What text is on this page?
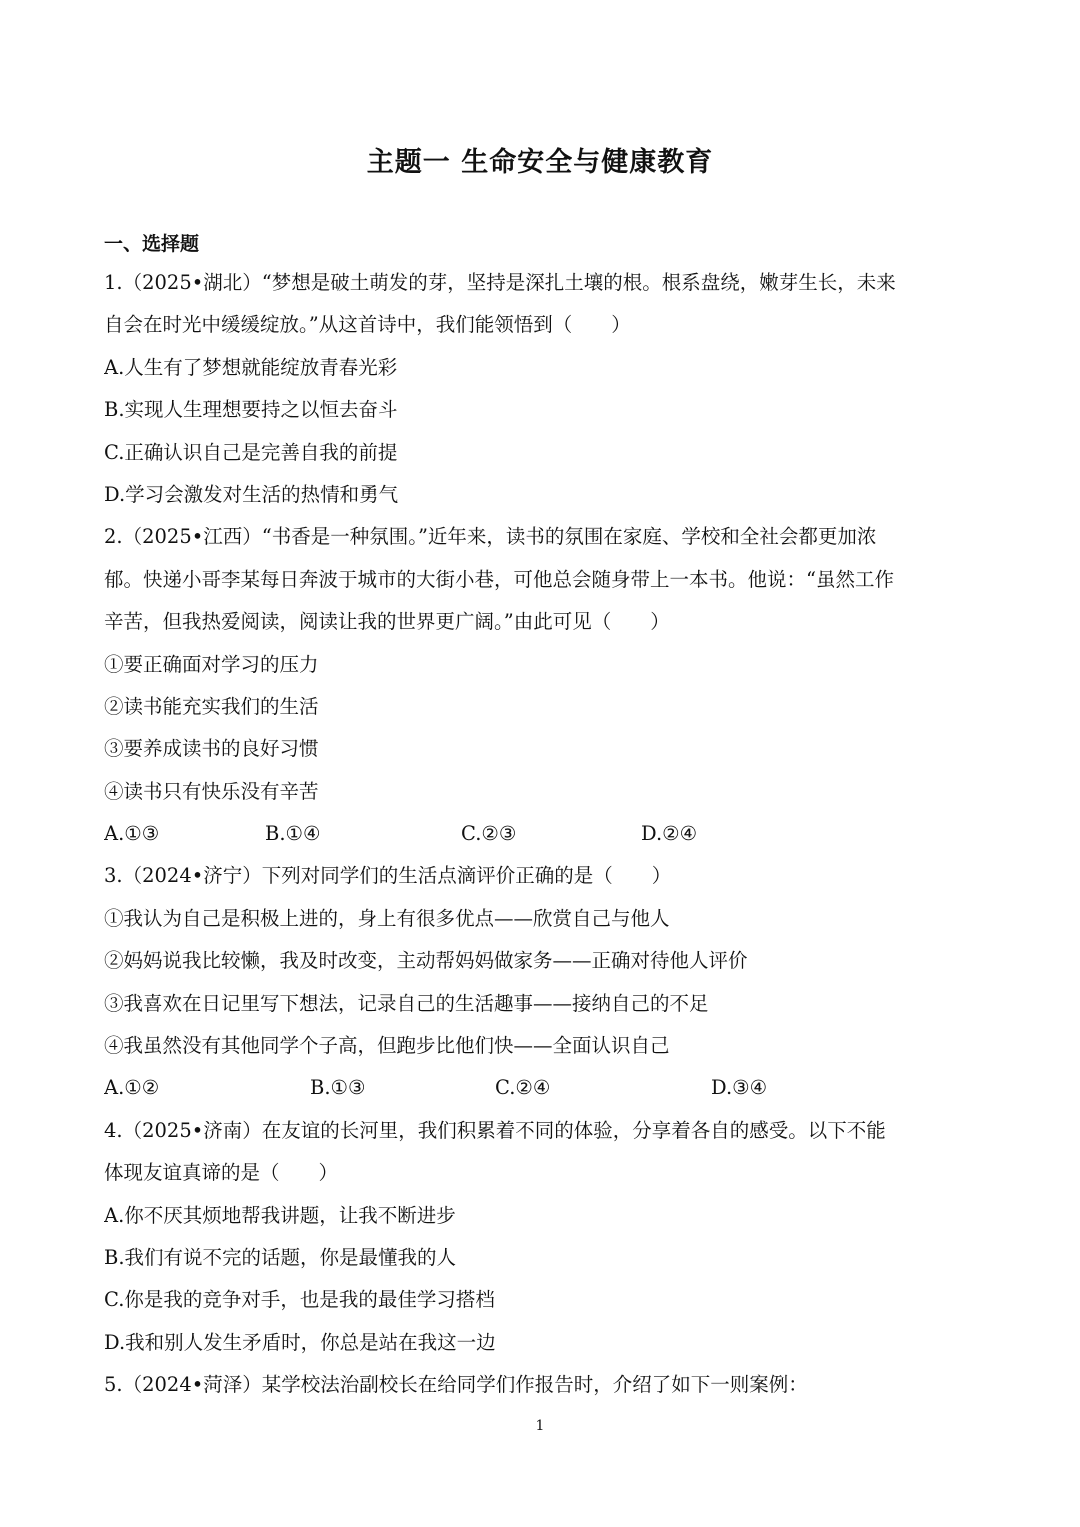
主题一 生命安全与健康教育
一、选择题
1.（2025•湖北）“梦想是破土萌发的芽，坚持是深扎土壤的根。根系盘绕，嫩芽生长，未来
自会在时光中缓缓绽放。”从这首诗中，我们能领悟到（　　）
A.人生有了梦想就能绽放青春光彩
B.实现人生理想要持之以恒去奋斗
C.正确认识自己是完善自我的前提
D.学习会激发对生活的热情和勇气
2.（2025•江西）“书香是一种氛围。”近年来，读书的氛围在家庭、学校和全社会都更加浓
郁。快递小哥李某每日奔波于城市的大街小巷，可他总会随身带上一本书。他说：“虽然工作
辛苦，但我热爱阅读，阅读让我的世界更广阔。”由此可见（　　）
①要正确面对学习的压力
②读书能充实我们的生活
③要养成读书的良好习惯
④读书只有快乐没有辛苦
A.①③	B.①④	C.②③	D.②④
3.（2024•济宁）下列对同学们的生活点滴评价正确的是（　　）
①我认为自己是积极上进的，身上有很多优点——欣赏自己与他人
②妈妈说我比较懒，我及时改变，主动帮妈妈做家务——正确对待他人评价
③我喜欢在日记里写下想法，记录自己的生活趣事——接纳自己的不足
④我虽然没有其他同学个子高，但跑步比他们快——全面认识自己
A.①②	B.①③	C.②④	D.③④
4.（2025•济南）在友谊的长河里，我们积累着不同的体验，分享着各自的感受。以下不能
体现友谊真谛的是（　　）
A.你不厌其烦地帮我讲题，让我不断进步
B.我们有说不完的话题，你是最懂我的人
C.你是我的竞争对手，也是我的最佳学习搭档
D.我和别人发生矛盾时，你总是站在我这一边
5.（2024•菏泽）某学校法治副校长在给同学们作报告时，介绍了如下一则案例：
1
